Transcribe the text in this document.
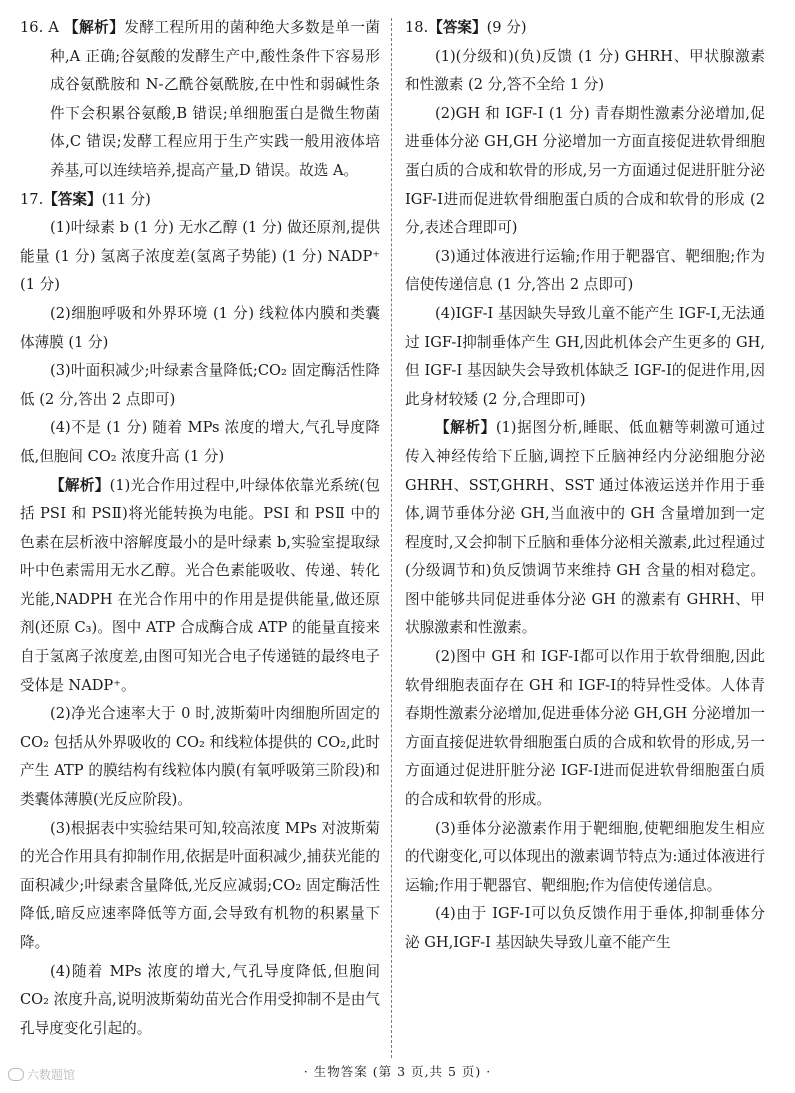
16. A 【解析】发酵工程所用的菌种绝大多数是单一菌种,A 正确;谷氨酸的发酵生产中,酸性条件下容易形成谷氨酰胺和 N-乙酰谷氨酰胺,在中性和弱碱性条件下会积累谷氨酸,B 错误;单细胞蛋白是微生物菌体,C 错误;发酵工程应用于生产实践一般用液体培养基,可以连续培养,提高产量,D 错误。故选 A。

17.【答案】(11 分)

(1)叶绿素 b (1 分) 无水乙醇 (1 分) 做还原剂,提供能量 (1 分) 氢离子浓度差(氢离子势能) (1 分) NADP⁺ (1 分)

(2)细胞呼吸和外界环境 (1 分) 线粒体内膜和类囊体薄膜 (1 分)

(3)叶面积减少;叶绿素含量降低;CO₂ 固定酶活性降低 (2 分,答出 2 点即可)

(4)不是 (1 分) 随着 MPs 浓度的增大,气孔导度降低,但胞间 CO₂ 浓度升高 (1 分)

【解析】(1)光合作用过程中,叶绿体依靠光系统(包括 PSⅠ 和 PSⅡ)将光能转换为电能。PSⅠ 和 PSⅡ 中的色素在层析液中溶解度最小的是叶绿素 b,实验室提取绿叶中色素需用无水乙醇。光合色素能吸收、传递、转化光能,NADPH 在光合作用中的作用是提供能量,做还原剂(还原 C₃)。图中 ATP 合成酶合成 ATP 的能量直接来自于氢离子浓度差,由图可知光合电子传递链的最终电子受体是 NADP⁺。

(2)净光合速率大于 0 时,波斯菊叶肉细胞所固定的 CO₂ 包括从外界吸收的 CO₂ 和线粒体提供的 CO₂,此时产生 ATP 的膜结构有线粒体内膜(有氧呼吸第三阶段)和类囊体薄膜(光反应阶段)。

(3)根据表中实验结果可知,较高浓度 MPs 对波斯菊的光合作用具有抑制作用,依据是叶面积减少,捕获光能的面积减少;叶绿素含量降低,光反应减弱;CO₂ 固定酶活性降低,暗反应速率降低等方面,会导致有机物的积累量下降。

(4)随着 MPs 浓度的增大,气孔导度降低,但胞间 CO₂ 浓度升高,说明波斯菊幼苗光合作用受抑制不是由气孔导度变化引起的。

18.【答案】(9 分)

(1)(分级和)(负)反馈 (1 分) GHRH、甲状腺激素和性激素 (2 分,答不全给 1 分)

(2)GH 和 IGF-Ⅰ (1 分) 青春期性激素分泌增加,促进垂体分泌 GH,GH 分泌增加一方面直接促进软骨细胞蛋白质的合成和软骨的形成,另一方面通过促进肝脏分泌 IGF-Ⅰ进而促进软骨细胞蛋白质的合成和软骨的形成 (2 分,表述合理即可)

(3)通过体液进行运输;作用于靶器官、靶细胞;作为信使传递信息 (1 分,答出 2 点即可)

(4)IGF-Ⅰ 基因缺失导致儿童不能产生 IGF-Ⅰ,无法通过 IGF-Ⅰ抑制垂体产生 GH,因此机体会产生更多的 GH,但 IGF-Ⅰ 基因缺失会导致机体缺乏 IGF-Ⅰ的促进作用,因此身材较矮 (2 分,合理即可)

【解析】(1)据图分析,睡眠、低血糖等刺激可通过传入神经传给下丘脑,调控下丘脑神经内分泌细胞分泌 GHRH、SST,GHRH、SST 通过体液运送并作用于垂体,调节垂体分泌 GH,当血液中的 GH 含量增加到一定程度时,又会抑制下丘脑和垂体分泌相关激素,此过程通过(分级调节和)负反馈调节来维持 GH 含量的相对稳定。图中能够共同促进垂体分泌 GH 的激素有 GHRH、甲状腺激素和性激素。

(2)图中 GH 和 IGF-Ⅰ都可以作用于软骨细胞,因此软骨细胞表面存在 GH 和 IGF-Ⅰ的特异性受体。人体青春期性激素分泌增加,促进垂体分泌 GH,GH 分泌增加一方面直接促进软骨细胞蛋白质的合成和软骨的形成,另一方面通过促进肝脏分泌 IGF-Ⅰ进而促进软骨细胞蛋白质的合成和软骨的形成。

(3)垂体分泌激素作用于靶细胞,使靶细胞发生相应的代谢变化,可以体现出的激素调节特点为:通过体液进行运输;作用于靶器官、靶细胞;作为信使传递信息。

(4)由于 IGF-Ⅰ可以负反馈作用于垂体,抑制垂体分泌 GH,IGF-Ⅰ 基因缺失导致儿童不能产生

· 生物答案 (第 3 页,共 5 页) ·
六数题馆
